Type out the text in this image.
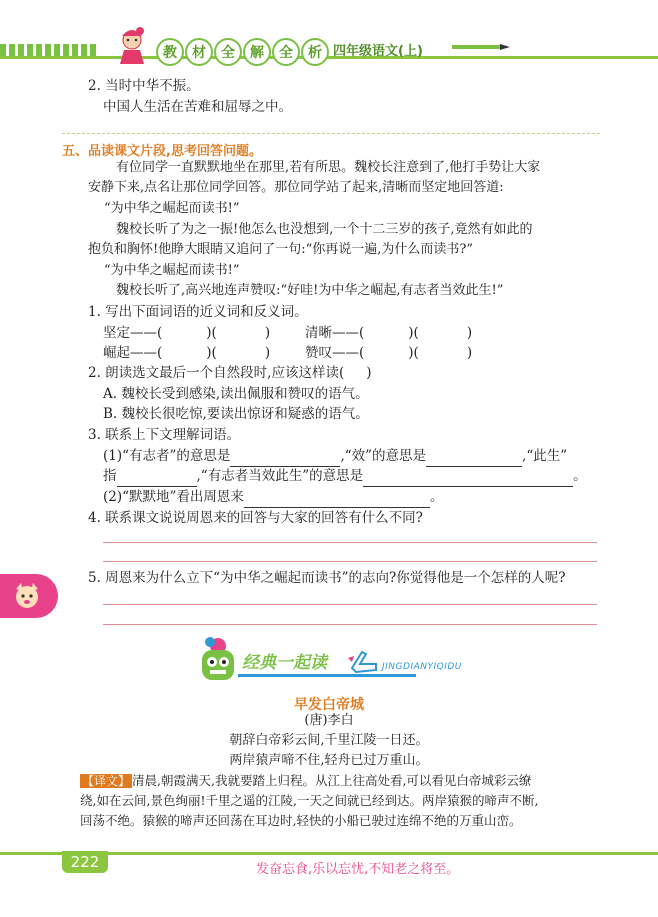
教	材	全	解	全	析 四年级语文(上)
2. 当时中华不振。
中国人生活在苦难和屈辱之中。
五、品读课文片段,思考回答问题。
有位同学一直默默地坐在那里,若有所思。魏校长注意到了,他打手势让大家
安静下来,点名让那位同学回答。那位同学站了起来,清晰而坚定地回答道:
“为中华之崛起而读书!”
魏校长听了为之一振!他怎么也没想到,一个十二三岁的孩子,竟然有如此的
抱负和胸怀!他睁大眼睛又追问了一句:“你再说一遍,为什么而读书?”
“为中华之崛起而读书!”
魏校长听了,高兴地连声赞叹:“好哇!为中华之崛起,有志者当效此生!”
1. 写出下面词语的近义词和反义词。
坚定——(	)(	)	清晰——(	)(	)
崛起——(	)(	)	赞叹——(	)(	)
2. 朗读选文最后一个自然段时,应该这样读( )
A. 魏校长受到感染,读出佩服和赞叹的语气。
B. 魏校长很吃惊,要读出惊讶和疑惑的语气。
3. 联系上下文理解词语。
(1)“有志者”的意思是	,“效”的意思是	,“此生”
指	,“有志者当效此生”的意思是	。
(2)“默默地”看出周恩来	。
4. 联系课文说说周恩来的回答与大家的回答有什么不同?
5. 周恩来为什么立下“为中华之崛起而读书”的志向?你觉得他是一个怎样的人呢?
经典一起读	JINGDIANYIQIDU
早发白帝城
(唐)李白
朝辞白帝彩云间,千里江陵一日还。
两岸猿声啼不住,轻舟已过万重山。
【译文】 清晨,朝霞满天,我就要踏上归程。从江上往高处看,可以看见白帝城彩云缭
绕,如在云间,景色绚丽!千里之遥的江陵,一天之间就已经到达。两岸猿猴的啼声不断,
回荡不绝。猿猴的啼声还回荡在耳边时,轻快的小船已驶过连绵不绝的万重山峦。
222	发奋忘食,乐以忘忧,不知老之将至。
